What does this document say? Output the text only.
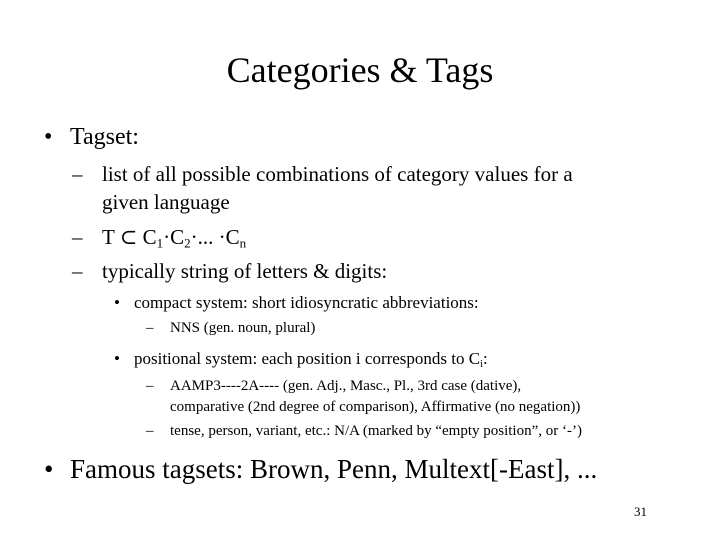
Categories & Tags
• Tagset:
– list of all possible combinations of category values for a
given language
– T ⊂ $C_1\cdot C_2\cdot$... $\cdot C_n$
– typically string of letters & digits:
• compact system: short idiosyncratic abbreviations:
– NNS (gen. noun, plural)
• positional system: each position i corresponds to $C_i$:
– AAMP3----2A---- (gen. Adj., Masc., Pl., 3rd case (dative),
comparative (2nd degree of comparison), Affirmative (no negation))
– tense, person, variant, etc.: N/A (marked by “empty position”, or ‘-’)
• Famous tagsets: Brown, Penn, Multext[-East], ...
31
